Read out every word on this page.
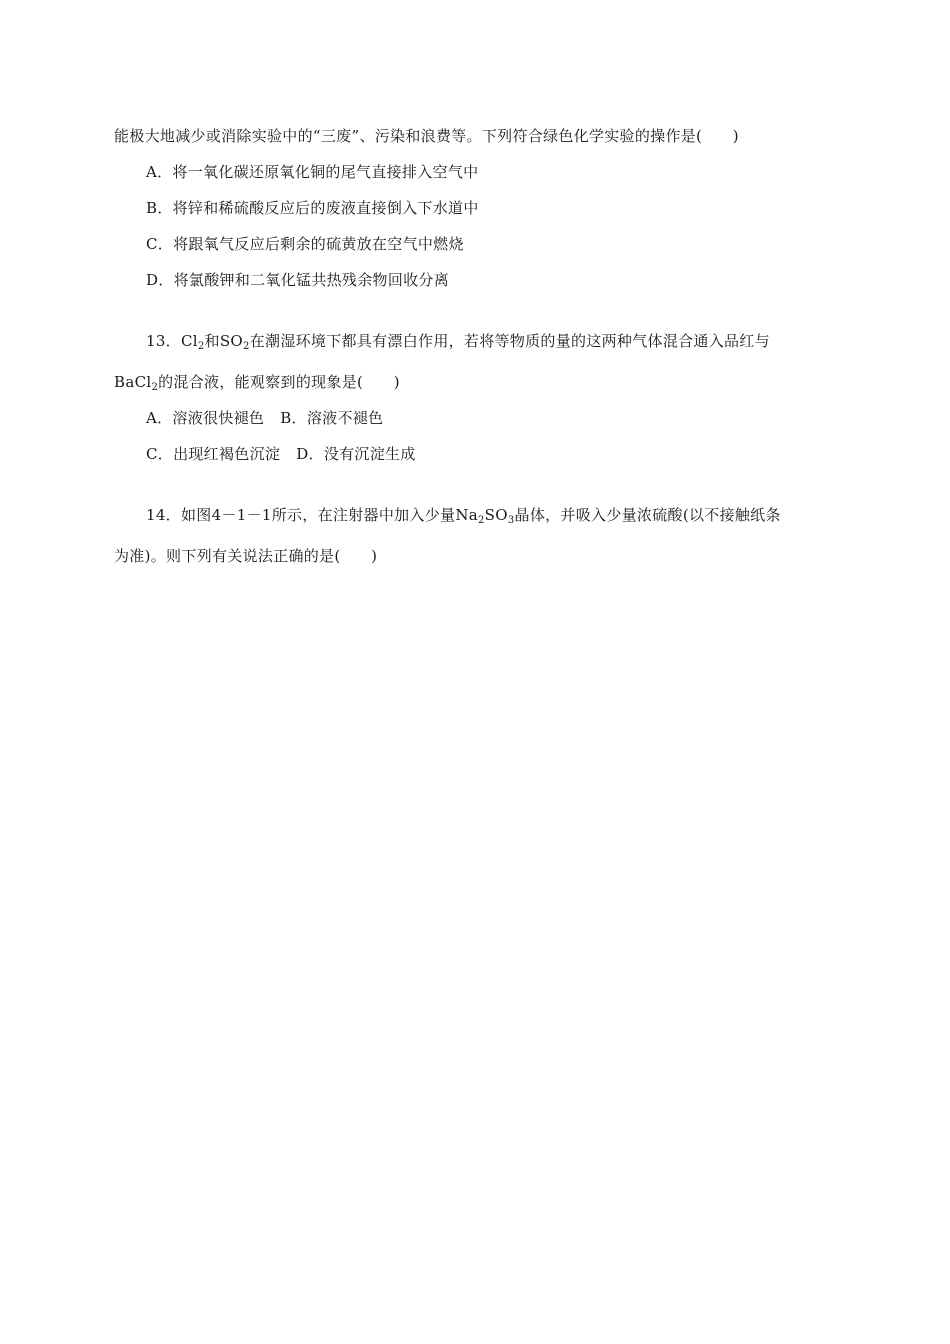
能极大地减少或消除实验中的“三废”、污染和浪费等。下列符合绿色化学实验的操作是(　　)
A．将一氧化碳还原氧化铜的尾气直接排入空气中
B．将锌和稀硫酸反应后的废液直接倒入下水道中
C．将跟氧气反应后剩余的硫黄放在空气中燃烧
D．将氯酸钾和二氧化锰共热残余物回收分离
13．$Cl_2$和$SO_2$在潮湿环境下都具有漂白作用，若将等物质的量的这两种气体混合通入品红与
BaCl$_2$的混合液，能观察到的现象是(　　)
A．溶液很快褪色 B．溶液不褪色
C．出现红褐色沉淀 D．没有沉淀生成
14．如图4－1－1所示，在注射器中加入少量$Na_2SO_3$晶体，并吸入少量浓硫酸(以不接触纸条
为准)。则下列有关说法正确的是(　　)
